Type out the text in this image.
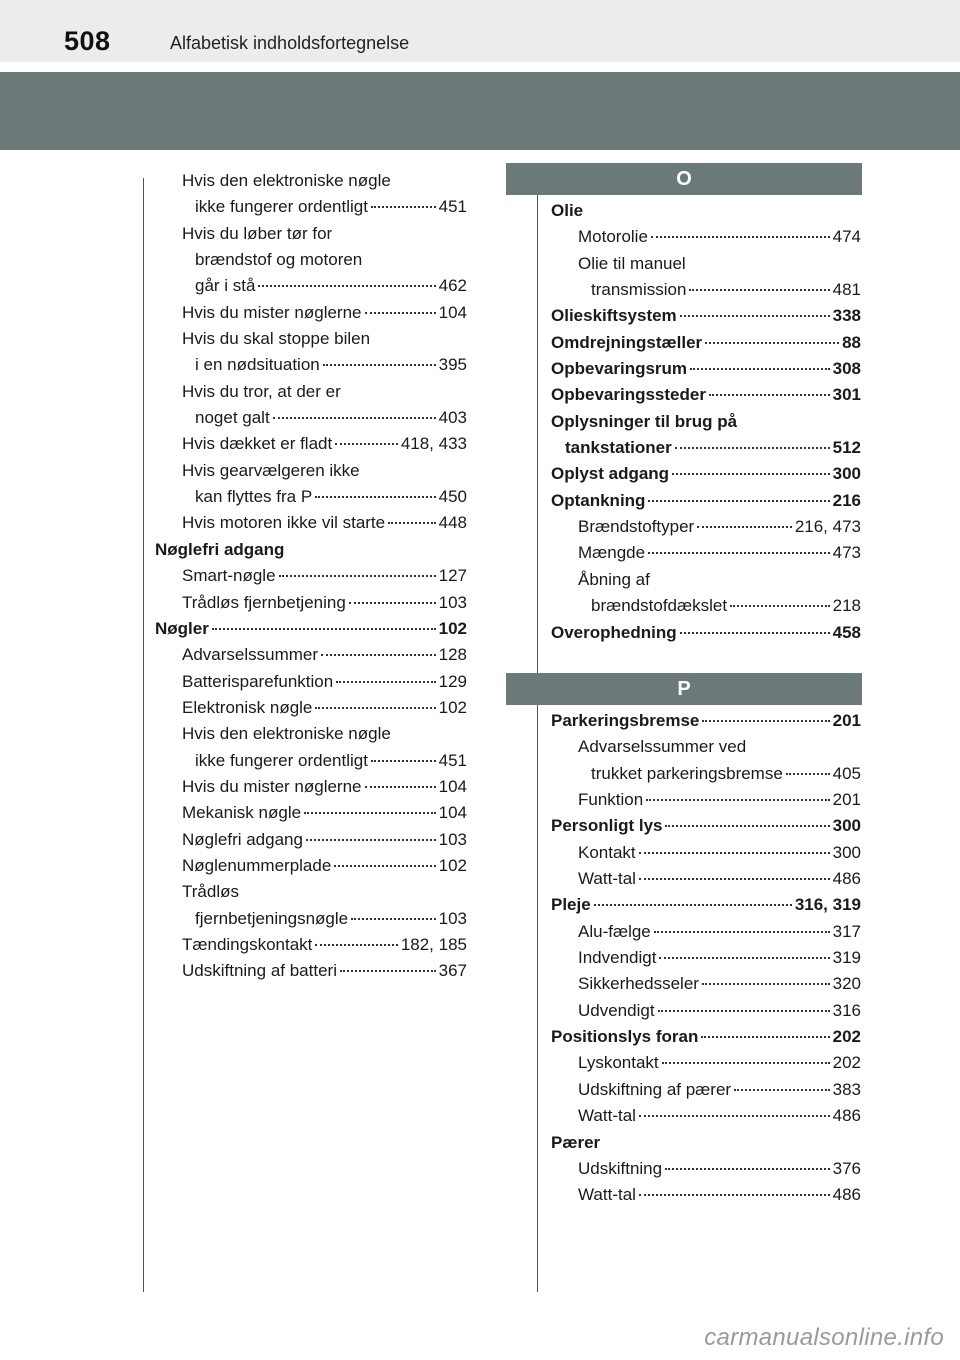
508	Alfabetisk indholdsfortegnelse
Hvis den elektroniske nøgle
ikke fungerer ordentligt	451
Hvis du løber tør for
brændstof og motoren
går i stå	462
Hvis du mister nøglerne	104
Hvis du skal stoppe bilen
i en nødsituation	395
Hvis du tror, at der er
noget galt	403
Hvis dækket er fladt	418, 433
Hvis gearvælgeren ikke
kan flyttes fra P	450
Hvis motoren ikke vil starte	448
Nøglefri adgang
Smart-nøgle	127
Trådløs fjernbetjening	103
Nøgler	102
Advarselssummer	128
Batterisparefunktion	129
Elektronisk nøgle	102
Hvis den elektroniske nøgle
ikke fungerer ordentligt	451
Hvis du mister nøglerne	104
Mekanisk nøgle	104
Nøglefri adgang	103
Nøglenummerplade	102
Trådløs
fjernbetjeningsnøgle	103
Tændingskontakt	182, 185
Udskiftning af batteri	367
O
Olie
Motorolie	474
Olie til manuel
transmission	481
Olieskiftsystem	338
Omdrejningstæller	88
Opbevaringsrum	308
Opbevaringssteder	301
Oplysninger til brug på
tankstationer	512
Oplyst adgang	300
Optankning	216
Brændstoftyper	216, 473
Mængde	473
Åbning af
brændstofdækslet	218
Overophedning	458
P
Parkeringsbremse	201
Advarselssummer ved
trukket parkeringsbremse	405
Funktion	201
Personligt lys	300
Kontakt	300
Watt-tal	486
Pleje	316, 319
Alu-fælge	317
Indvendigt	319
Sikkerhedsseler	320
Udvendigt	316
Positionslys foran	202
Lyskontakt	202
Udskiftning af pærer	383
Watt-tal	486
Pærer
Udskiftning	376
Watt-tal	486
carmanualsonline.info
